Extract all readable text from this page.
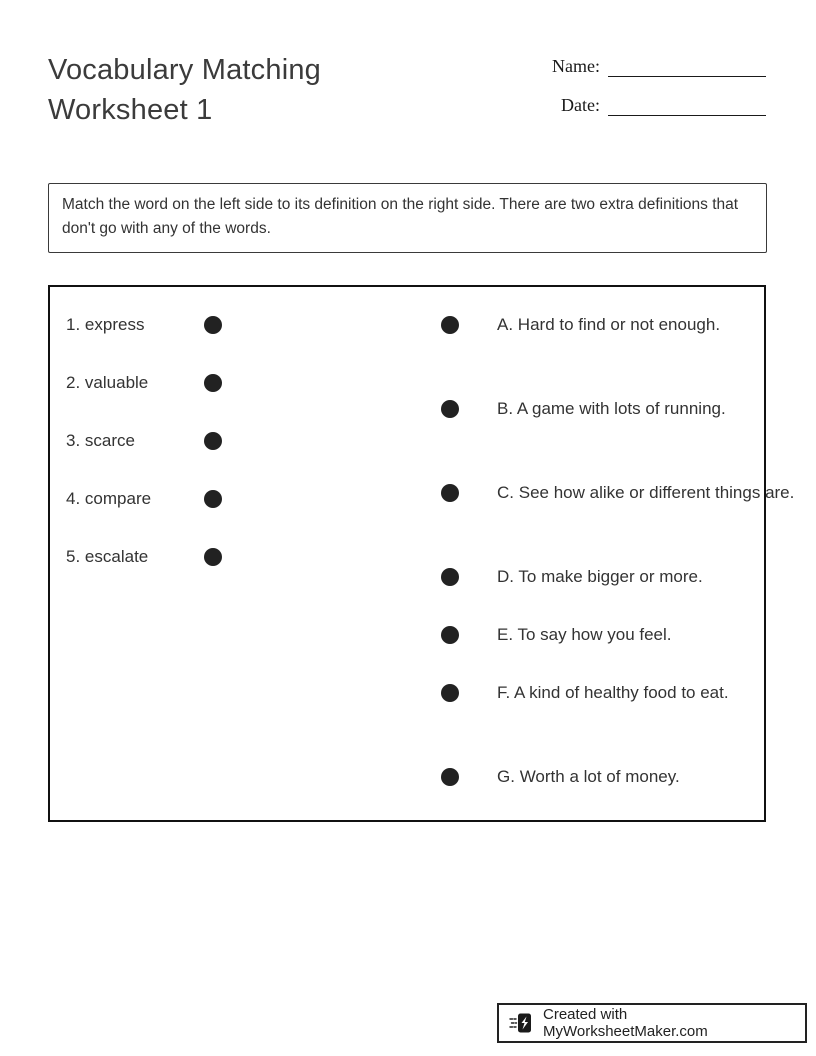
Vocabulary Matching Worksheet 1
Name:
Date:
Match the word on the left side to its definition on the right side. There are two extra definitions that don't go with any of the words.
1. express
2. valuable
3. scarce
4. compare
5. escalate
A. Hard to find or not enough.
B. A game with lots of running.
C. See how alike or different things are.
D. To make bigger or more.
E. To say how you feel.
F. A kind of healthy food to eat.
G. Worth a lot of money.
Created with MyWorksheetMaker.com
